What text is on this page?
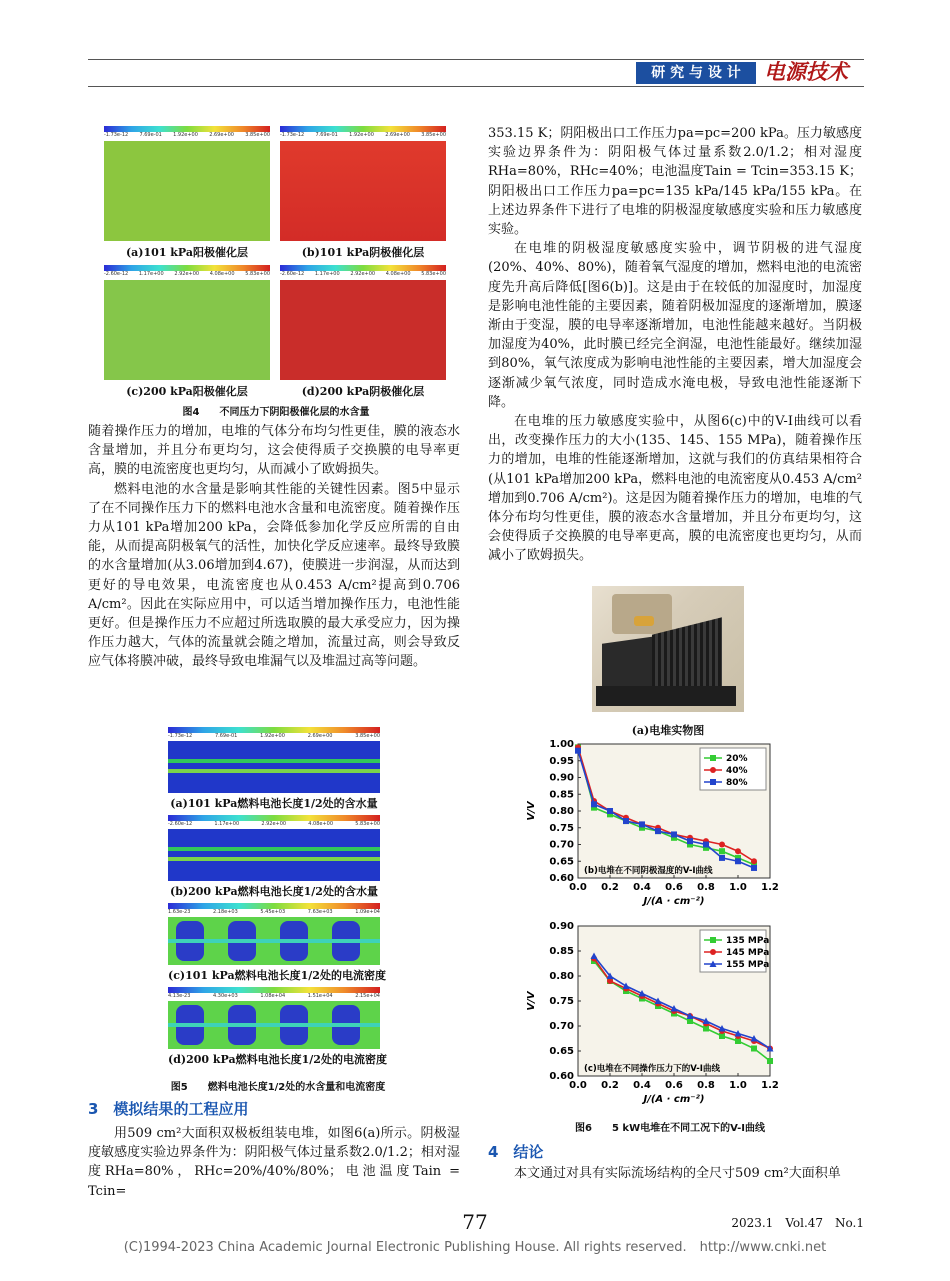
研 究 与 设 计	电源技术
-1.73e-12 7.69e-01 1.92e+00 2.69e+00 3.85e+00
(a)101 kPa阳极催化层
-1.73e-12 7.69e-01 1.92e+00 2.69e+00 3.85e+00
(b)101 kPa阴极催化层
-2.60e-12 1.17e+00 2.92e+00 4.08e+00 5.83e+00
(c)200 kPa阳极催化层
-2.60e-12 1.17e+00 2.92e+00 4.08e+00 5.83e+00
(d)200 kPa阴极催化层
图4　　不同压力下阴阳极催化层的水含量

随着操作压力的增加，电堆的气体分布均匀性更佳，膜的液态水含量增加，并且分布更均匀，这会使得质子交换膜的电导率更高，膜的电流密度也更均匀，从而减小了欧姆损失。

燃料电池的水含量是影响其性能的关键性因素。图5中显示了在不同操作压力下的燃料电池水含量和电流密度。随着操作压力从101 kPa增加200 kPa，会降低参加化学反应所需的自由能，从而提高阴极氧气的活性，加快化学反应速率。最终导致膜的水含量增加(从3.06增加到4.67)，使膜进一步润湿，从而达到更好的导电效果，电流密度也从0.453 A/cm²提高到0.706 A/cm²。因此在实际应用中，可以适当增加操作压力，电池性能更好。但是操作压力不应超过所选取膜的最大承受应力，因为操作压力越大，气体的流量就会随之增加，流量过高，则会导致反应气体将膜冲破，最终导致电堆漏气以及堆温过高等问题。

-1.73e-12	7.69e-01	1.92e+00	2.69e+00	3.85e+00
(a)101 kPa燃料电池长度1/2处的含水量
-2.60e-12	1.17e+00	2.92e+00	4.08e+00	5.83e+00
(b)200 kPa燃料电池长度1/2处的含水量
1.63e-23	2.18e+03	5.45e+03	7.63e+03	1.09e+04
(c)101 kPa燃料电池长度1/2处的电流密度
4.13e-23	4.30e+03	1.08e+04	1.51e+04	2.15e+04
(d)200 kPa燃料电池长度1/2处的电流密度
图5　　燃料电池长度1/2处的水含量和电流密度
3　模拟结果的工程应用

用509 cm²大面积双极板组装电堆，如图6(a)所示。阴极湿度敏感度实验边界条件为：阴阳极气体过量系数2.0/1.2；相对湿度RHa=80%，RHc=20%/40%/80%；电池温度Tain = Tcin=

353.15 K；阴阳极出口工作压力pa=pc=200 kPa。压力敏感度实验边界条件为：阴阳极气体过量系数2.0/1.2；相对湿度RHa=80%，RHc=40%；电池温度Tain = Tcin=353.15 K；阴阳极出口工作压力pa=pc=135 kPa/145 kPa/155 kPa。在上述边界条件下进行了电堆的阴极湿度敏感度实验和压力敏感度实验。

在电堆的阴极湿度敏感度实验中，调节阴极的进气湿度(20%、40%、80%)，随着氧气湿度的增加，燃料电池的电流密度先升高后降低[图6(b)]。这是由于在较低的加湿度时，加湿度是影响电池性能的主要因素，随着阴极加湿度的逐渐增加，膜逐渐由于变湿，膜的电导率逐渐增加，电池性能越来越好。当阴极加湿度为40%，此时膜已经完全润湿，电池性能最好。继续加湿到80%，氧气浓度成为影响电池性能的主要因素，增大加湿度会逐渐减少氧气浓度，同时造成水淹电极，导致电池性能逐渐下降。

在电堆的压力敏感度实验中，从图6(c)中的V-I曲线可以看出，改变操作压力的大小(135、145、155 MPa)，随着操作压力的增加，电堆的性能逐渐增加，这就与我们的仿真结果相符合(从101 kPa增加200 kPa，燃料电池的电流密度从0.453 A/cm²增加到0.706 A/cm²)。这是因为随着操作压力的增加，电堆的气体分布均匀性更佳，膜的液态水含量增加，并且分布更均匀，这会使得质子交换膜的电导率更高，膜的电流密度也更均匀，从而减小了欧姆损失。

(a)电堆实物图
0.60
0.65
0.70
0.75
0.80
0.85
0.90
0.95
1.00
0.0 0.2 0.4 0.6 0.8 1.0 1.2
J/(A · cm⁻²)
V/V
20%
40%
80%
(b)电堆在不同阴极湿度的V-I曲线
0.60
0.65
0.70
0.75
0.80
0.85
0.90
0.0 0.2 0.4 0.6 0.8 1.0 1.2
J/(A · cm⁻²)
V/V
135 MPa
145 MPa
155 MPa
(c)电堆在不同操作压力下的V-I曲线
图6　　5 kW电堆在不同工况下的V-I曲线
4　结论

本文通过对具有实际流场结构的全尺寸509 cm²大面积单

77	2023.1　Vol.47　No.1
(C)1994-2023 China Academic Journal Electronic Publishing House. All rights reserved.　http://www.cnki.net
